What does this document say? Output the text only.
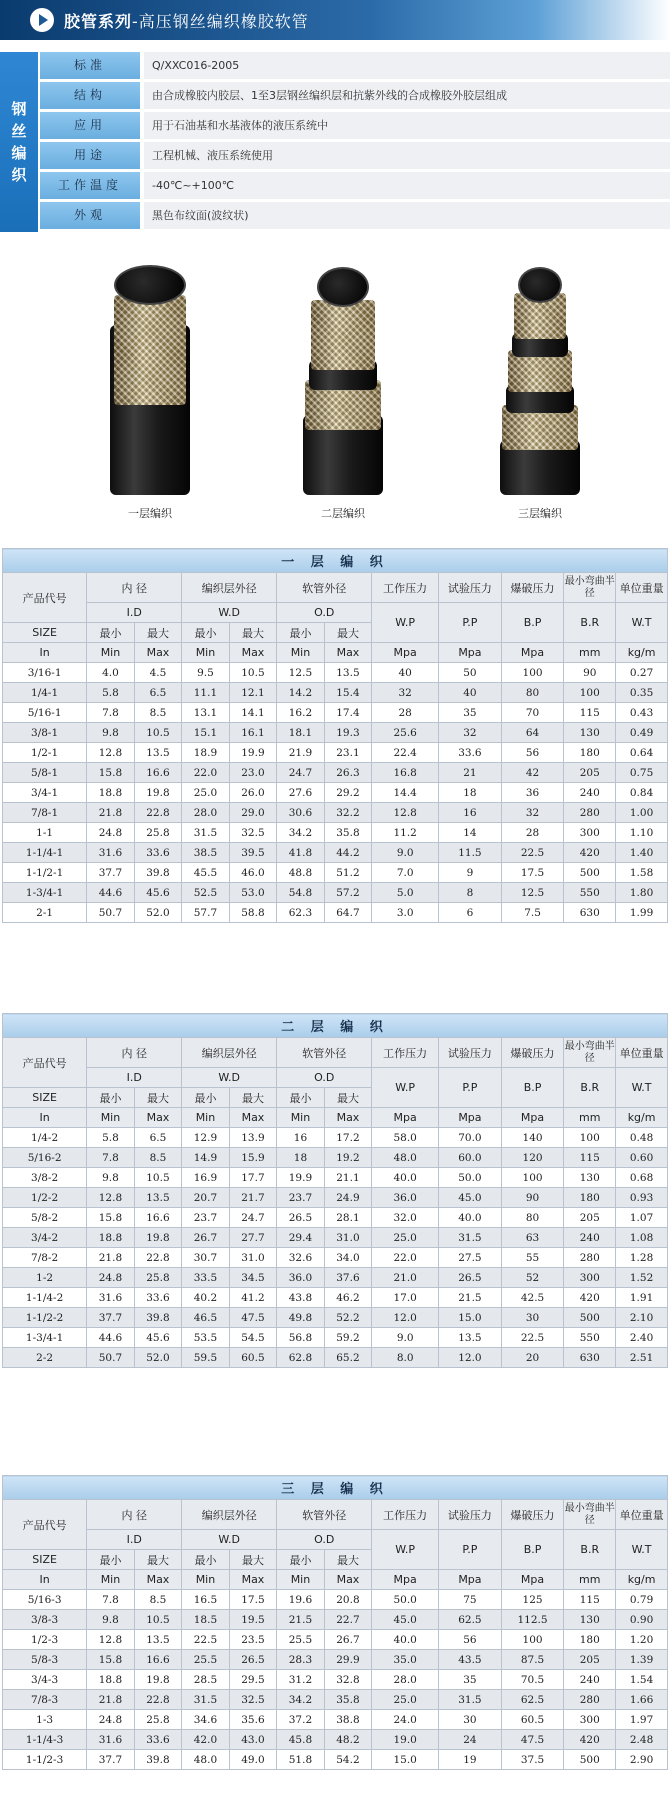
胶管系列-高压钢丝编织橡胶软管
钢丝编织
标准	Q/XXC016-2005
结构	由合成橡胶内胶层、1至3层钢丝编织层和抗紫外线的合成橡胶外胶层组成
应用	用于石油基和水基液体的液压系统中
用途	工程机械、液压系统使用
工作温度	-40℃~+100℃
外观	黑色布纹面(波纹状)
一层编织	二层编织	三层编织
一 层 编 织											
产品代号	内 径		编织层外径		软管外径		工作压力	试验压力	爆破压力	最小弯曲半径	单位重量
	I.D		W.D		O.D		W.P	P.P	B.P	B.R	W.T
SIZE	最小	最大	最小	最大	最小	最大					
In	Min	Max	Min	Max	Min	Max	Mpa	Mpa	Mpa	mm	kg/m
3/16-1	4.0	4.5	9.5	10.5	12.5	13.5	40	50	100	90	0.27
1/4-1	5.8	6.5	11.1	12.1	14.2	15.4	32	40	80	100	0.35
5/16-1	7.8	8.5	13.1	14.1	16.2	17.4	28	35	70	115	0.43
3/8-1	9.8	10.5	15.1	16.1	18.1	19.3	25.6	32	64	130	0.49
1/2-1	12.8	13.5	18.9	19.9	21.9	23.1	22.4	33.6	56	180	0.64
5/8-1	15.8	16.6	22.0	23.0	24.7	26.3	16.8	21	42	205	0.75
3/4-1	18.8	19.8	25.0	26.0	27.6	29.2	14.4	18	36	240	0.84
7/8-1	21.8	22.8	28.0	29.0	30.6	32.2	12.8	16	32	280	1.00
1-1	24.8	25.8	31.5	32.5	34.2	35.8	11.2	14	28	300	1.10
1-1/4-1	31.6	33.6	38.5	39.5	41.8	44.2	9.0	11.5	22.5	420	1.40
1-1/2-1	37.7	39.8	45.5	46.0	48.8	51.2	7.0	9	17.5	500	1.58
1-3/4-1	44.6	45.6	52.5	53.0	54.8	57.2	5.0	8	12.5	550	1.80
2-1	50.7	52.0	57.7	58.8	62.3	64.7	3.0	6	7.5	630	1.99
二 层 编 织											
产品代号	内 径		编织层外径		软管外径		工作压力	试验压力	爆破压力	最小弯曲半径	单位重量
	I.D		W.D		O.D		W.P	P.P	B.P	B.R	W.T
SIZE	最小	最大	最小	最大	最小	最大					
In	Min	Max	Min	Max	Min	Max	Mpa	Mpa	Mpa	mm	kg/m
1/4-2	5.8	6.5	12.9	13.9	16	17.2	58.0	70.0	140	100	0.48
5/16-2	7.8	8.5	14.9	15.9	18	19.2	48.0	60.0	120	115	0.60
3/8-2	9.8	10.5	16.9	17.7	19.9	21.1	40.0	50.0	100	130	0.68
1/2-2	12.8	13.5	20.7	21.7	23.7	24.9	36.0	45.0	90	180	0.93
5/8-2	15.8	16.6	23.7	24.7	26.5	28.1	32.0	40.0	80	205	1.07
3/4-2	18.8	19.8	26.7	27.7	29.4	31.0	25.0	31.5	63	240	1.08
7/8-2	21.8	22.8	30.7	31.0	32.6	34.0	22.0	27.5	55	280	1.28
1-2	24.8	25.8	33.5	34.5	36.0	37.6	21.0	26.5	52	300	1.52
1-1/4-2	31.6	33.6	40.2	41.2	43.8	46.2	17.0	21.5	42.5	420	1.91
1-1/2-2	37.7	39.8	46.5	47.5	49.8	52.2	12.0	15.0	30	500	2.10
1-3/4-1	44.6	45.6	53.5	54.5	56.8	59.2	9.0	13.5	22.5	550	2.40
2-2	50.7	52.0	59.5	60.5	62.8	65.2	8.0	12.0	20	630	2.51
三 层 编 织											
产品代号	内 径		编织层外径		软管外径		工作压力	试验压力	爆破压力	最小弯曲半径	单位重量
	I.D		W.D		O.D		W.P	P.P	B.P	B.R	W.T
SIZE	最小	最大	最小	最大	最小	最大					
In	Min	Max	Min	Max	Min	Max	Mpa	Mpa	Mpa	mm	kg/m
5/16-3	7.8	8.5	16.5	17.5	19.6	20.8	50.0	75	125	115	0.79
3/8-3	9.8	10.5	18.5	19.5	21.5	22.7	45.0	62.5	112.5	130	0.90
1/2-3	12.8	13.5	22.5	23.5	25.5	26.7	40.0	56	100	180	1.20
5/8-3	15.8	16.6	25.5	26.5	28.3	29.9	35.0	43.5	87.5	205	1.39
3/4-3	18.8	19.8	28.5	29.5	31.2	32.8	28.0	35	70.5	240	1.54
7/8-3	21.8	22.8	31.5	32.5	34.2	35.8	25.0	31.5	62.5	280	1.66
1-3	24.8	25.8	34.6	35.6	37.2	38.8	24.0	30	60.5	300	1.97
1-1/4-3	31.6	33.6	42.0	43.0	45.8	48.2	19.0	24	47.5	420	2.48
1-1/2-3	37.7	39.8	48.0	49.0	51.8	54.2	15.0	19	37.5	500	2.90
